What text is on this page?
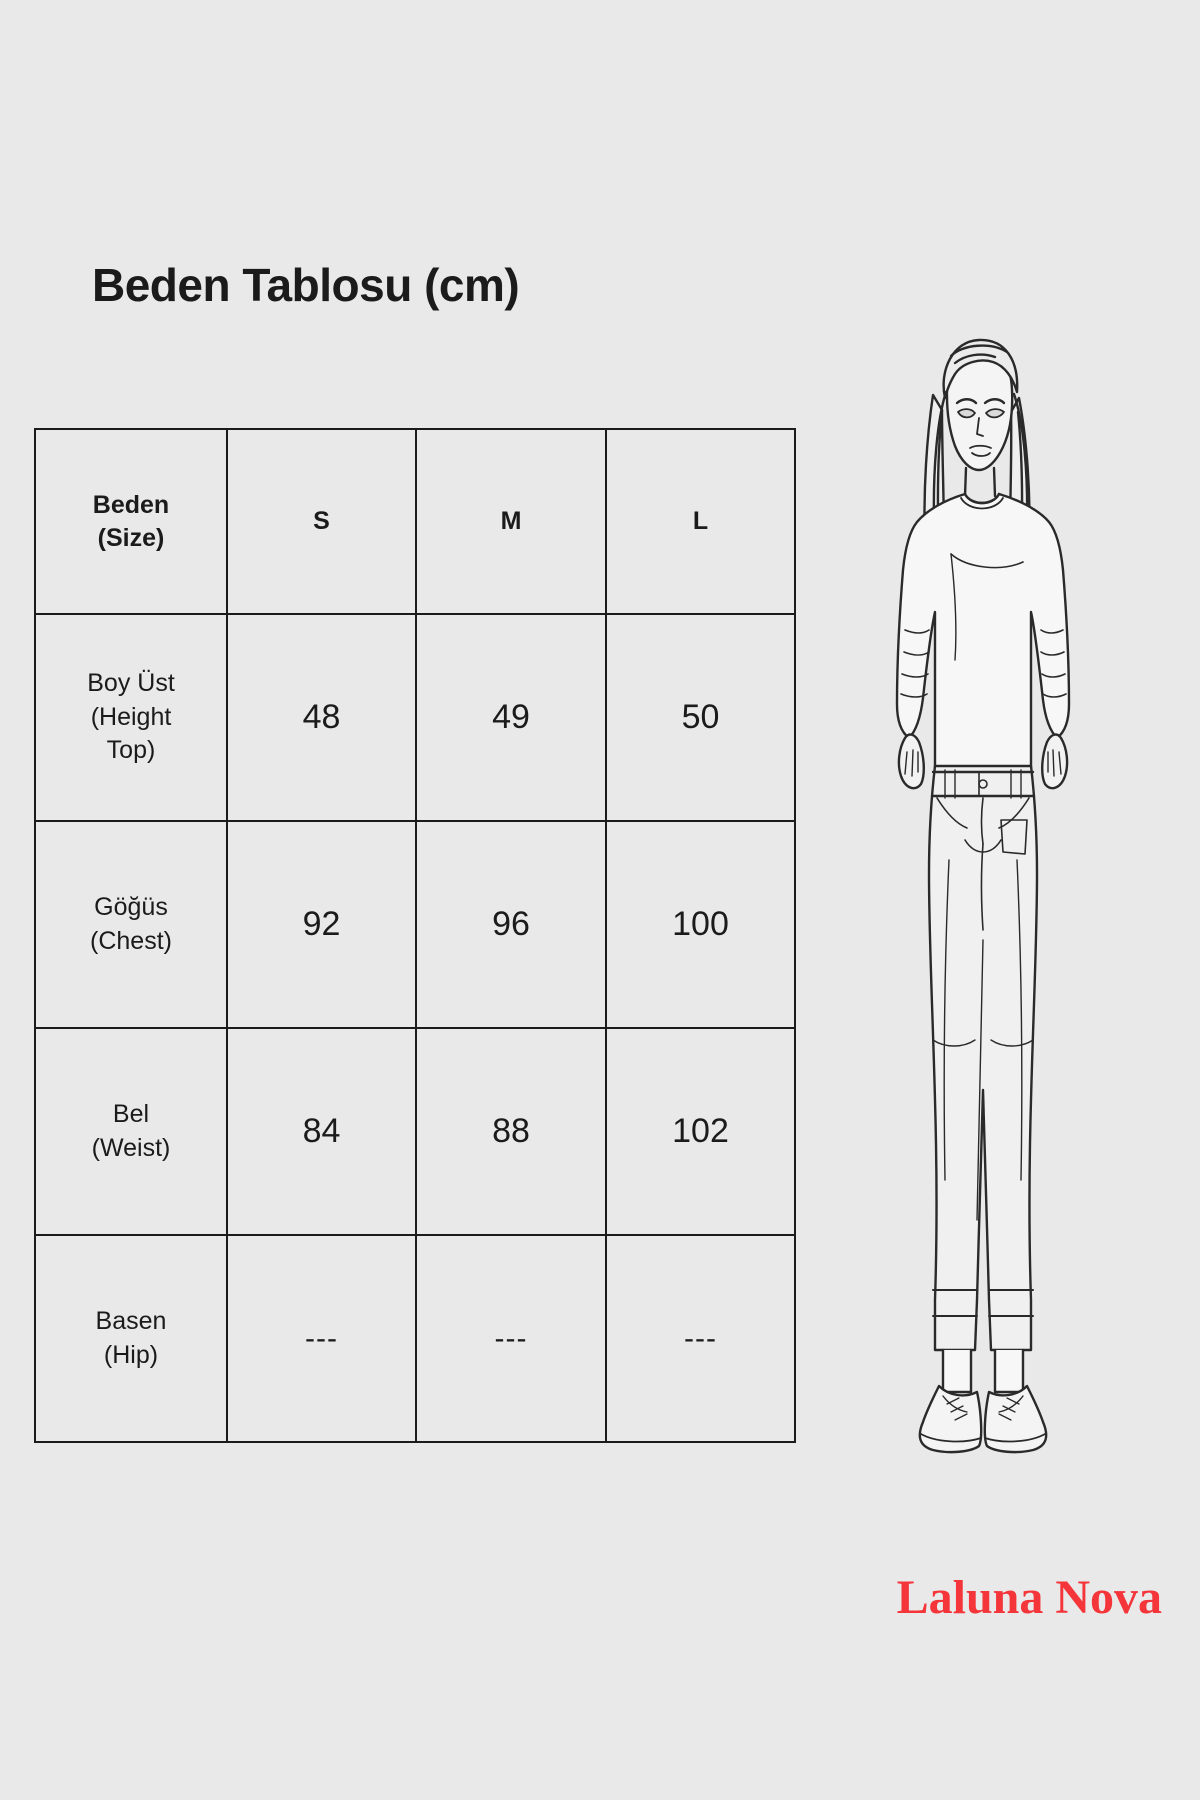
Beden Tablosu (cm)
Beden
(Size)	S	M	L

Boy Üst
(Height
Top)	48	49	50

Göğüs
(Chest)	92	96	100

Bel
(Weist)	84	88	102

Basen
(Hip)	---	---	---
Laluna Nova
